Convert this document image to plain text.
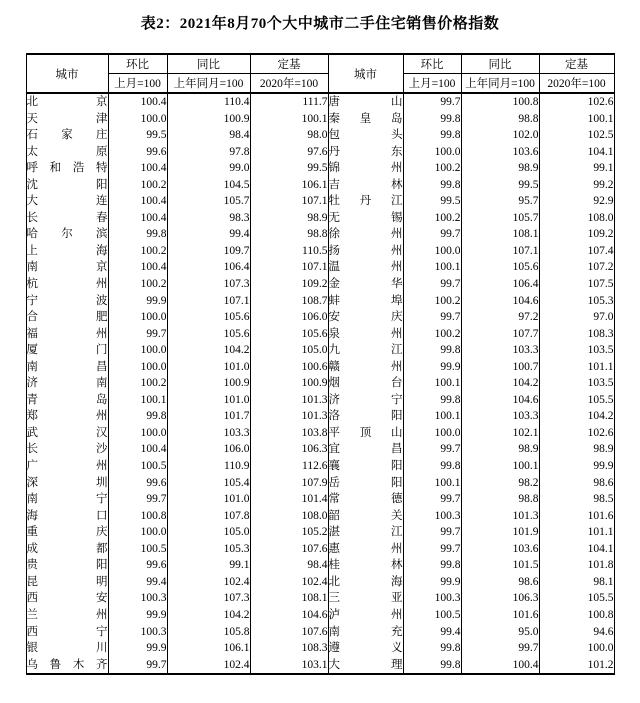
表2：2021年8月70个大中城市二手住宅销售价格指数
城市	环比	同比	定基	城市	环比	同比	定基
	上月=100	上年同月=100	2020年=100		上月=100	上年同月=100	2020年=100
北京	100.4	110.4	111.7	唐山	99.7	100.8	102.6
天津	100.0	100.9	100.1	秦皇岛	99.8	98.8	100.1
石家庄	99.5	98.4	98.0	包头	99.8	102.0	102.5
太原	99.6	97.8	97.6	丹东	100.0	103.6	104.1
呼和浩特	100.4	99.0	99.5	锦州	100.2	98.9	99.1
沈阳	100.2	104.5	106.1	吉林	99.8	99.5	99.2
大连	100.4	105.7	107.1	牡丹江	99.5	95.7	92.9
长春	100.4	98.3	98.9	无锡	100.2	105.7	108.0
哈尔滨	99.8	99.4	98.8	徐州	99.7	108.1	109.2
上海	100.2	109.7	110.5	扬州	100.0	107.1	107.4
南京	100.4	106.4	107.1	温州	100.1	105.6	107.2
杭州	100.2	107.3	109.2	金华	99.7	106.4	107.5
宁波	99.9	107.1	108.7	蚌埠	100.2	104.6	105.3
合肥	100.0	105.6	106.0	安庆	99.7	97.2	97.0
福州	99.7	105.6	105.6	泉州	100.2	107.7	108.3
厦门	100.0	104.2	105.0	九江	99.8	103.3	103.5
南昌	100.0	101.0	100.6	赣州	99.9	100.7	101.1
济南	100.2	100.9	100.9	烟台	100.1	104.2	103.5
青岛	100.1	101.0	101.3	济宁	99.8	104.6	105.5
郑州	99.8	101.7	101.3	洛阳	100.1	103.3	104.2
武汉	100.0	103.3	103.8	平顶山	100.0	102.1	102.6
长沙	100.4	106.0	106.3	宜昌	99.7	98.9	98.9
广州	100.5	110.9	112.6	襄阳	99.8	100.1	99.9
深圳	99.6	105.4	107.9	岳阳	100.1	98.2	98.6
南宁	99.7	101.0	101.4	常德	99.7	98.8	98.5
海口	100.8	107.8	108.0	韶关	100.3	101.3	101.6
重庆	100.0	105.0	105.2	湛江	99.7	101.9	101.1
成都	100.5	105.3	107.6	惠州	99.7	103.6	104.1
贵阳	99.6	99.1	98.4	桂林	99.8	101.5	101.8
昆明	99.4	102.4	102.4	北海	99.9	98.6	98.1
西安	100.3	107.3	108.1	三亚	100.3	106.3	105.5
兰州	99.9	104.2	104.6	泸州	100.5	101.6	100.8
西宁	100.3	105.8	107.6	南充	99.4	95.0	94.6
银川	99.9	106.1	108.3	遵义	99.8	99.7	100.0
乌鲁木齐	99.7	102.4	103.1	大理	99.8	100.4	101.2
